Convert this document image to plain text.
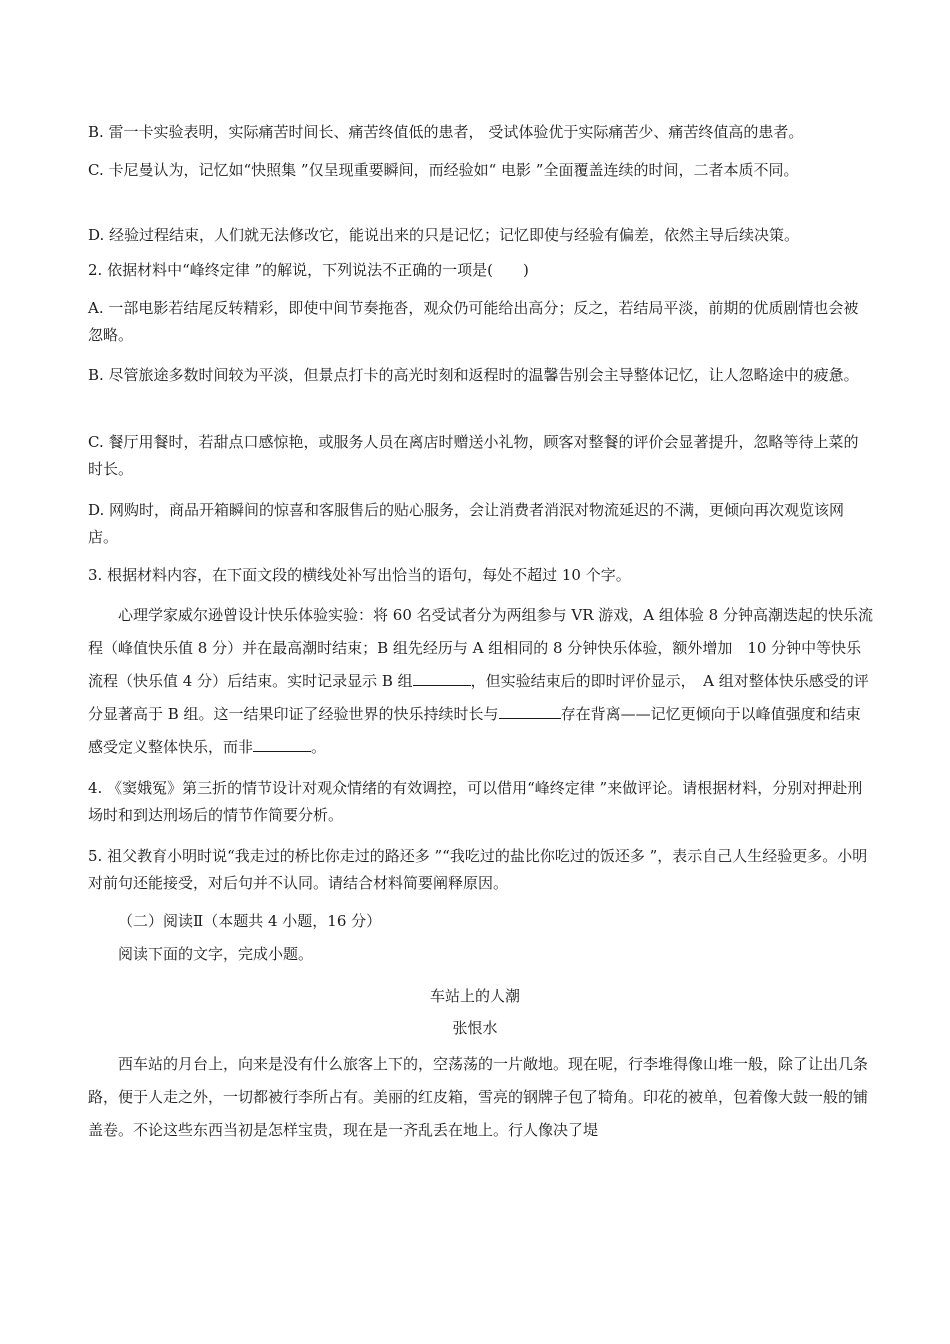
B. 雷一卡实验表明，实际痛苦时间长、痛苦终值低的患者， 受试体验优于实际痛苦少、痛苦终值高的患者。

C. 卡尼曼认为，记忆如“快照集 ”仅呈现重要瞬间，而经验如“ 电影 ”全面覆盖连续的时间，二者本质不同。

D. 经验过程结束，人们就无法修改它，能说出来的只是记忆；记忆即使与经验有偏差，依然主导后续决策。

2. 依据材料中“峰终定律 ”的解说，下列说法不正确的一项是(　　)

A. 一部电影若结尾反转精彩，即使中间节奏拖沓，观众仍可能给出高分；反之，若结局平淡，前期的优质剧情也会被忽略。

B. 尽管旅途多数时间较为平淡，但景点打卡的高光时刻和返程时的温馨告别会主导整体记忆，让人忽略途中的疲惫。

C. 餐厅用餐时，若甜点口感惊艳，或服务人员在离店时赠送小礼物，顾客对整餐的评价会显著提升，忽略等待上菜的时长。

D. 网购时，商品开箱瞬间的惊喜和客服售后的贴心服务，会让消费者消泯对物流延迟的不满，更倾向再次观览该网店。

3. 根据材料内容，在下面文段的横线处补写出恰当的语句，每处不超过 10 个字。

心理学家威尔逊曾设计快乐体验实验：将 60 名受试者分为两组参与 VR 游戏，A 组体验 8 分钟高潮迭起的快乐流程（峰值快乐值 8 分）并在最高潮时结束；B 组先经历与 A 组相同的 8 分钟快乐体验，额外增加　10 分钟中等快乐流程（快乐值 4 分）后结束。实时记录显示 B 组	，但实验结束后的即时评价显示，　A 组对整体快乐感受的评分显著高于 B 组。这一结果印证了经验世界的快乐持续时长与	存在背离——记忆更倾向于以峰值强度和结束感受定义整体快乐，而非	。

4. 《窦娥冤》第三折的情节设计对观众情绪的有效调控，可以借用“峰终定律 ”来做评论。请根据材料，分别对押赴刑场时和到达刑场后的情节作简要分析。

5. 祖父教育小明时说“我走过的桥比你走过的路还多 ”“我吃过的盐比你吃过的饭还多 ”，表示自己人生经验更多。小明对前句还能接受，对后句并不认同。请结合材料简要阐释原因。

（二）阅读Ⅱ（本题共 4 小题，16 分）

阅读下面的文字，完成小题。

车站上的人潮

张恨水

西车站的月台上，向来是没有什么旅客上下的，空荡荡的一片敞地。现在呢，行李堆得像山堆一般，除了让出几条路，便于人走之外，一切都被行李所占有。美丽的红皮箱，雪亮的钢牌子包了犄角。印花的被单，包着像大鼓一般的铺盖卷。不论这些东西当初是怎样宝贵，现在是一齐乱丢在地上。行人像决了堤
